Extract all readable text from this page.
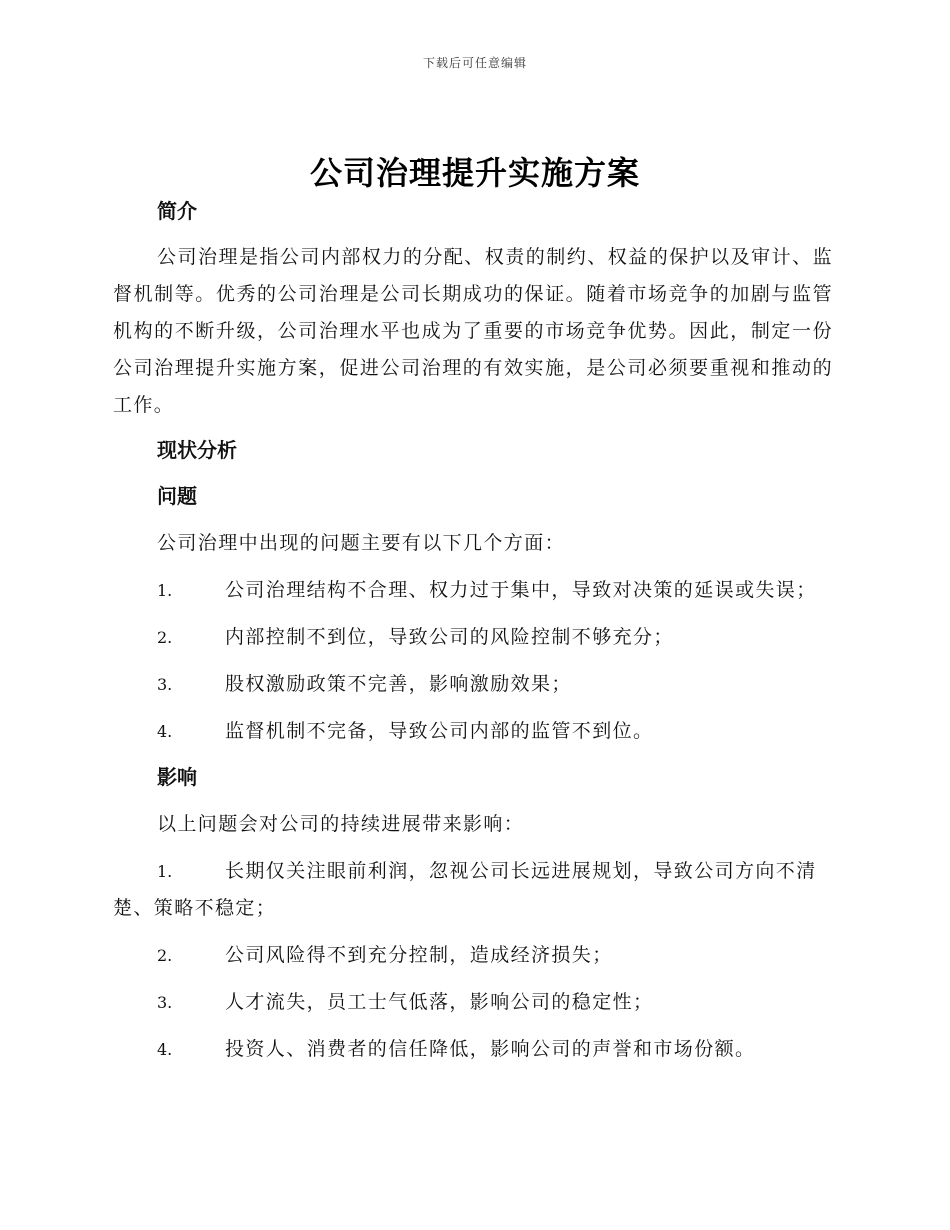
下载后可任意编辑
公司治理提升实施方案
简介

公司治理是指公司内部权力的分配、权责的制约、权益的保护以及审计、监督机制等。优秀的公司治理是公司长期成功的保证。随着市场竞争的加剧与监管机构的不断升级，公司治理水平也成为了重要的市场竞争优势。因此，制定一份公司治理提升实施方案，促进公司治理的有效实施，是公司必须要重视和推动的工作。

现状分析
问题

公司治理中出现的问题主要有以下几个方面：

1.	公司治理结构不合理、权力过于集中，导致对决策的延误或失误；
2.	内部控制不到位，导致公司的风险控制不够充分；
3.	股权激励政策不完善，影响激励效果；
4.	监督机制不完备，导致公司内部的监管不到位。
影响

以上问题会对公司的持续进展带来影响：

1.	长期仅关注眼前利润，忽视公司长远进展规划，导致公司方向不清楚、策略不稳定；
2.	公司风险得不到充分控制，造成经济损失；
3.	人才流失，员工士气低落，影响公司的稳定性；
4.	投资人、消费者的信任降低，影响公司的声誉和市场份额。
